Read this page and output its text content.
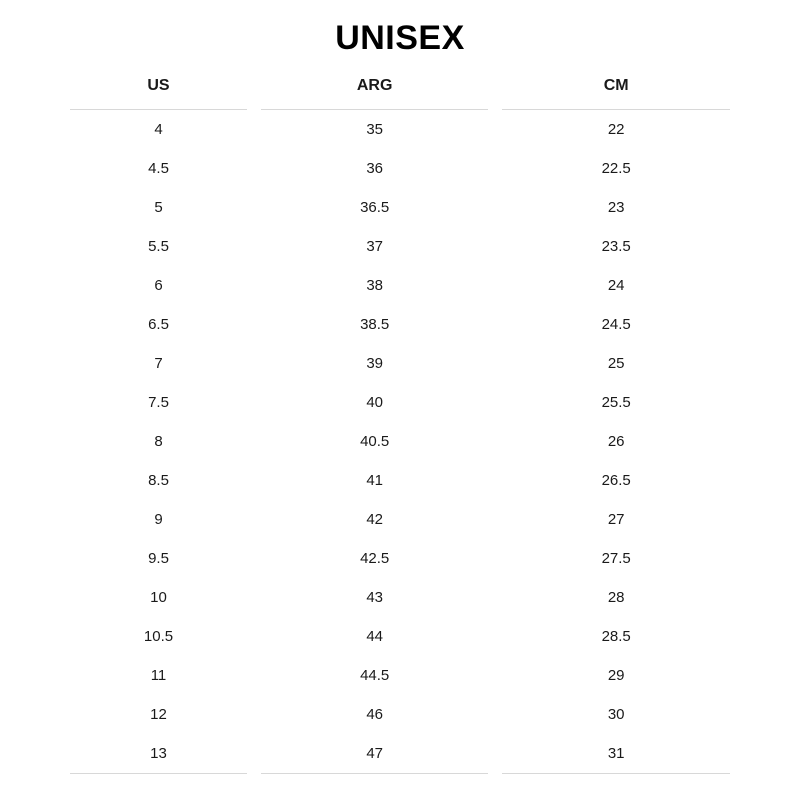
UNISEX
US	ARG	CM
4	35	22
4.5	36	22.5
5	36.5	23
5.5	37	23.5
6	38	24
6.5	38.5	24.5
7	39	25
7.5	40	25.5
8	40.5	26
8.5	41	26.5
9	42	27
9.5	42.5	27.5
10	43	28
10.5	44	28.5
11	44.5	29
12	46	30
13	47	31
